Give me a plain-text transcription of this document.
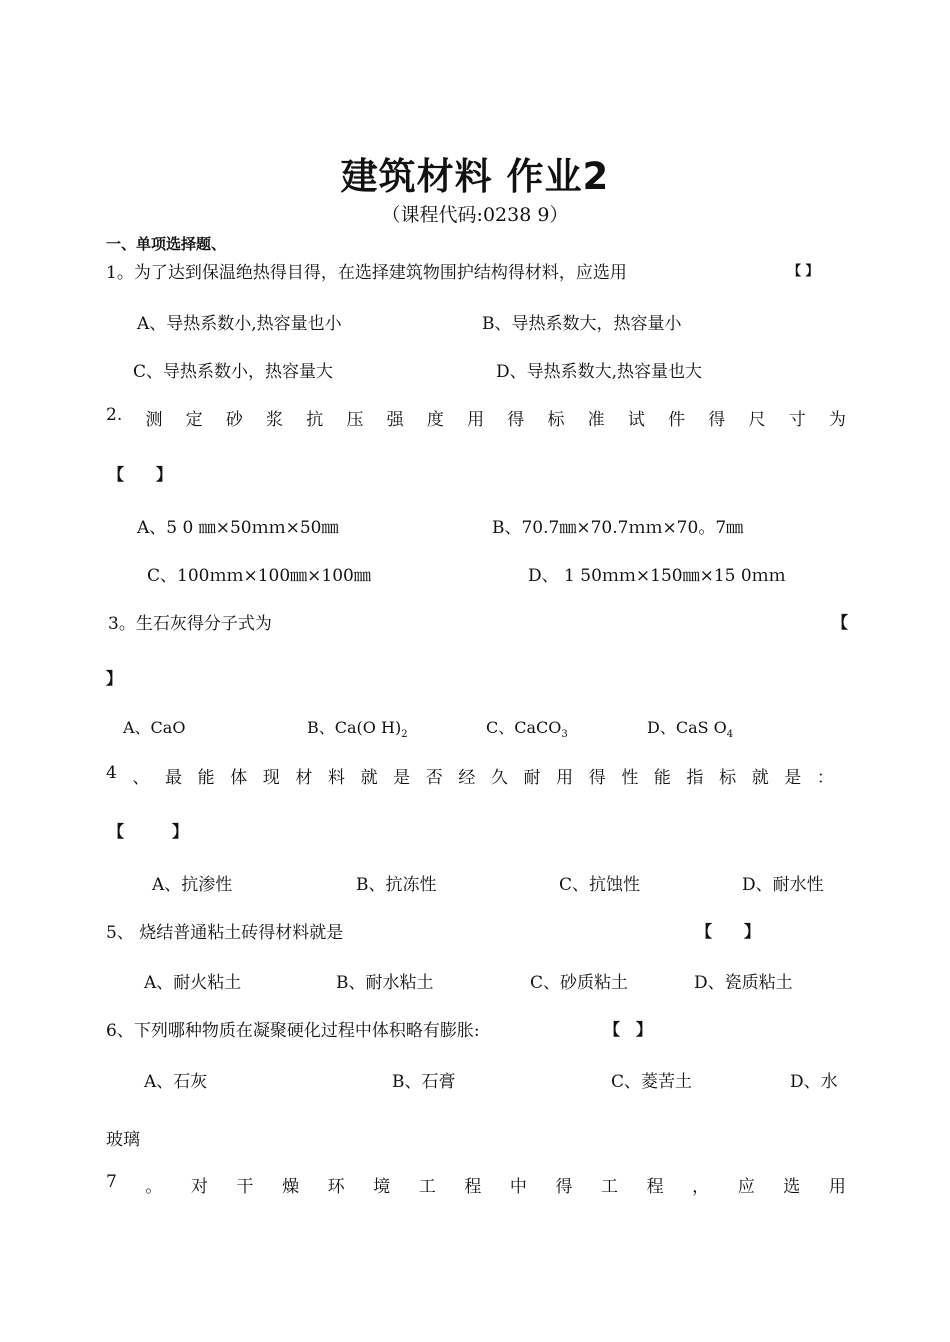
建筑材料 作业2
（课程代码:0238 9）
一、单项选择题、
1。为了达到保温绝热得目得，在选择建筑物围护结构得材料，应选用	【 】
A、导热系数小,热容量也小	B、导热系数大，热容量小
C、导热系数小，热容量大	D、导热系数大,热容量也大
2. 测 定 砂 浆 抗 压 强 度 用 得 标 准 试 件 得 尺 寸 为
【　　】
A、5 0 ㎜×50ｍｍ×50㎜	B、70.7㎜×70.7ｍｍ×70。7㎜
C、100ｍｍ×100㎜×100㎜	D、 1 50ｍｍ×150㎜×15 0ｍｍ
3。生石灰得分子式为	【
】
A、CaO	B、Ca(O $H)_2$	C、CaCO$_3$	D、CaS $O_4$
4 、 最 能 体 现 材 料 就 是 否 经 久 耐 用 得 性 能 指 标 就 是 ：
【　　　】
A、抗渗性	B、抗冻性	C、抗蚀性	D、耐水性
5、 烧结普通粘土砖得材料就是	【　　】
A、耐火粘土	B、耐水粘土	C、砂质粘土	D、瓷质粘土
6、下列哪种物质在凝聚硬化过程中体积略有膨胀:	【　】
A、石灰	B、石膏	C、菱苦土	D、水
玻璃
7 。 对 干 燥 环 境 工 程 中 得 工 程 ， 应 选 用
